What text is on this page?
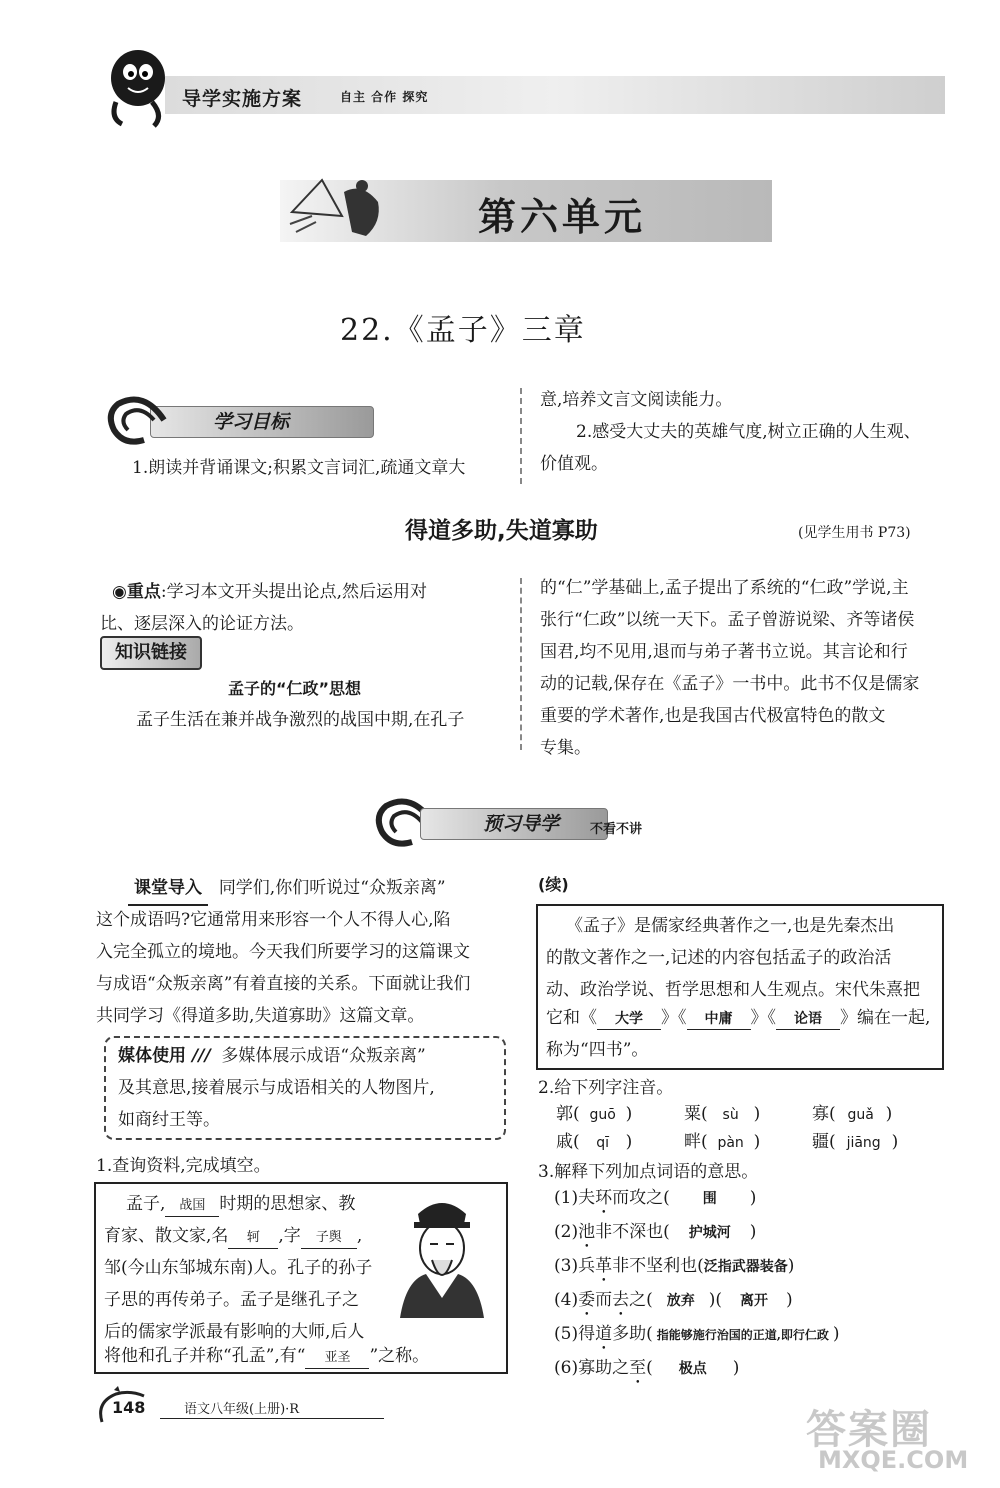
导学实施方案	自主 合作 探究
第六单元
22.《孟子》三章
学习目标
1.朗读并背诵课文;积累文言词汇,疏通文章大
意,培养文言文阅读能力。
2.感受大丈夫的英雄气度,树立正确的人生观、
价值观。
得道多助,失道寡助	(见学生用书 P73)
◉重点:学习本文开头提出论点,然后运用对
比、逐层深入的论证方法。
知识链接
孟子的“仁政”思想
孟子生活在兼并战争激烈的战国中期,在孔子
的“仁”学基础上,孟子提出了系统的“仁政”学说,主
张行“仁政”以统一天下。孟子曾游说梁、齐等诸侯
国君,均不见用,退而与弟子著书立说。其言论和行
动的记载,保存在《孟子》一书中。此书不仅是儒家
重要的学术著作,也是我国古代极富特色的散文
专集。
预习导学	不看不讲
课堂导入 同学们,你们听说过“众叛亲离”
这个成语吗?它通常用来形容一个人不得人心,陷
入完全孤立的境地。今天我们所要学习的这篇课文
与成语“众叛亲离”有着直接的关系。下面就让我们
共同学习《得道多助,失道寡助》这篇文章。
媒体使用 /// 多媒体展示成语“众叛亲离”
及其意思,接着展示与成语相关的人物图片,
如商纣王等。
1.查询资料,完成填空。
孟子, 战国 时期的思想家、教
育家、散文家,名 轲 ,字 子舆 ,
邹(今山东邹城东南)人。孔子的孙子
子思的再传弟子。孟子是继孔子之
后的儒家学派最有影响的大师,后人
将他和孔子并称“孔孟”,有“ 亚圣 ”之称。
(续)
《孟子》是儒家经典著作之一,也是先秦杰出
的散文著作之一,记述的内容包括孟子的政治活
动、政治学说、哲学思想和人生观点。宋代朱熹把
它和《 大学 》《 中庸 》《 论语 》编在一起,
称为“四书”。
2.给下列字注音。
郭( guō )	粟( sù )	寡( guǎ )
戚( qī )	畔( pàn )	疆( jiāng )
3.解释下列加点词语的意思。
(1)夫环而攻之( 围 )
(2)池非不深也( 护城河 )
(3)兵革非不坚利也(泛指武器装备)
(4)委而去之( 放弃 )( 离开 )
(5)得道多助( 指能够施行治国的正道,即行仁政 )
(6)寡助之至( 极点 )
148	语文八年级(上册)·R	答案圈
MXQE.COM
